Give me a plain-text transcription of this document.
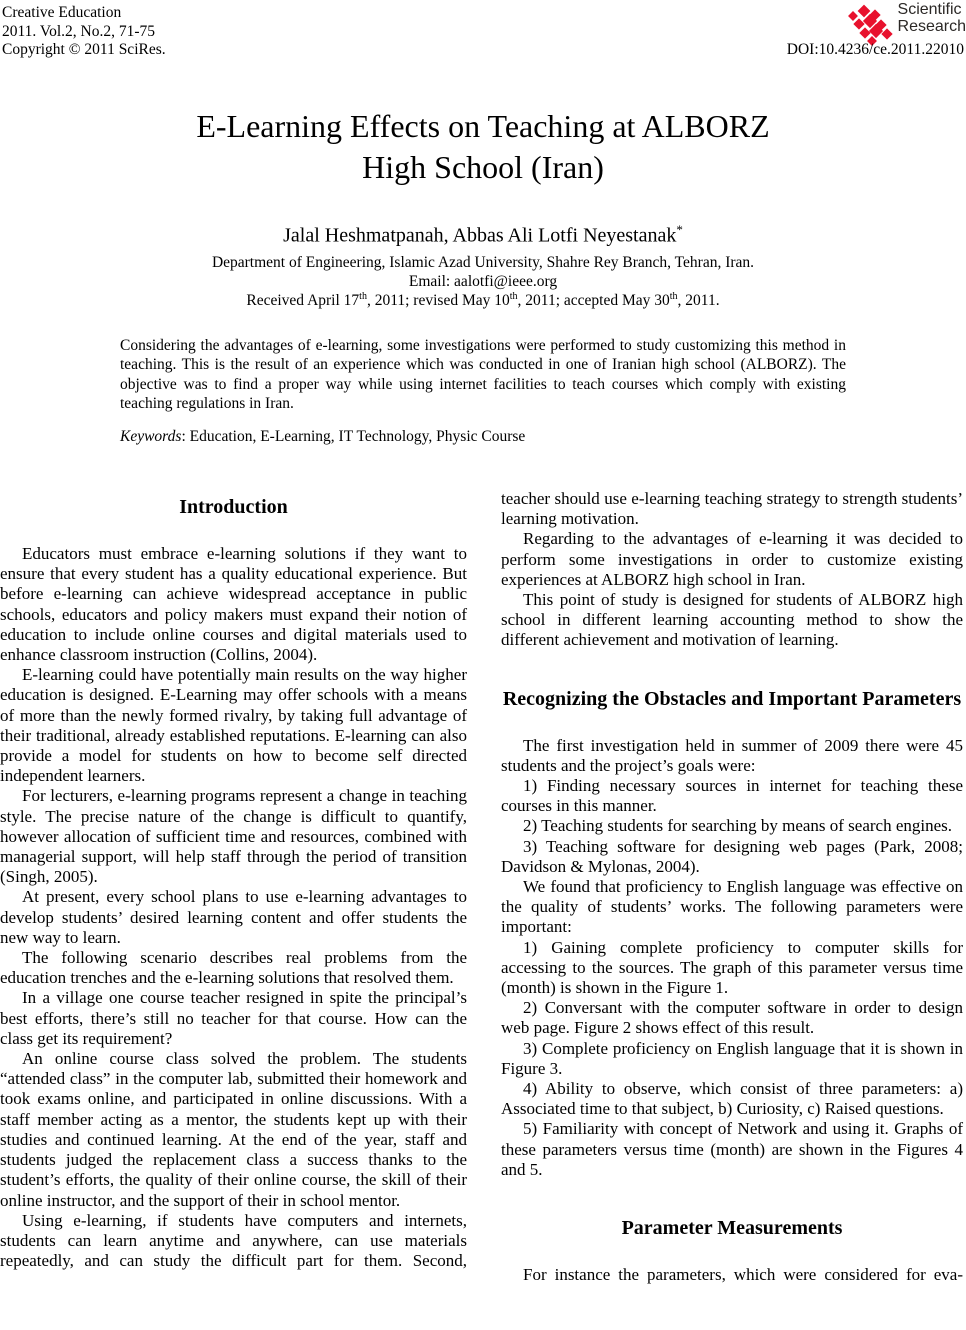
Creative Education
2011. Vol.2, No.2, 71-75
Copyright © 2011 SciRes.
Scientific
Research
DOI:10.4236/ce.2011.22010
E-Learning Effects on Teaching at ALBORZ
High School (Iran)
Jalal Heshmatpanah, Abbas Ali Lotfi Neyestanak*
Department of Engineering, Islamic Azad University, Shahre Rey Branch, Tehran, Iran.
Email: aalotfi@ieee.org
Received April 17th, 2011; revised May 10th, 2011; accepted May 30th, 2011.
Considering the advantages of e-learning, some investigations were performed to study customizing this method in teaching. This is the result of an experience which was conducted in one of Iranian high school (ALBORZ). The objective was to find a proper way while using internet facilities to teach courses which comply with existing teaching regulations in Iran.
Keywords: Education, E-Learning, IT Technology, Physic Course
Introduction

Educators must embrace e-learning solutions if they want to ensure that every student has a quality educational experience. But before e-learning can achieve widespread acceptance in public schools, educators and policy makers must expand their notion of education to include online courses and digital materials used to enhance classroom instruction (Collins, 2004).

E-learning could have potentially main results on the way higher education is designed. E-Learning may offer schools with a means of more than the newly formed rivalry, by taking full advantage of their traditional, already established reputations. E-learning can also provide a model for students on how to become self directed independent learners.

For lecturers, e-learning programs represent a change in teaching style. The precise nature of the change is difficult to quantify, however allocation of sufficient time and resources, combined with managerial support, will help staff through the period of transition (Singh, 2005).

At present, every school plans to use e-learning advantages to develop students’ desired learning content and offer students the new way to learn.

The following scenario describes real problems from the education trenches and the e-learning solutions that resolved them.

In a village one course teacher resigned in spite the principal’s best efforts, there’s still no teacher for that course. How can the class get its requirement?

An online course class solved the problem. The students “attended class” in the computer lab, submitted their homework and took exams online, and participated in online discussions. With a staff member acting as a mentor, the students kept up with their studies and continued learning. At the end of the year, staff and students judged the replacement class a success thanks to the student’s efforts, the quality of their online course, the skill of their online instructor, and the support of their in school mentor.

Using e-learning, if students have computers and internets, students can learn anytime and anywhere, can use materials repeatedly, and can study the difficult part for them. Second,

teacher should use e-learning teaching strategy to strength students’ learning motivation.

Regarding to the advantages of e-learning it was decided to perform some investigations in order to customize existing experiences at ALBORZ high school in Iran.

This point of study is designed for students of ALBORZ high school in different learning accounting method to show the different achievement and motivation of learning.

Recognizing the Obstacles and Important Parameters

The first investigation held in summer of 2009 there were 45 students and the project’s goals were:

1) Finding necessary sources in internet for teaching these courses in this manner.

2) Teaching students for searching by means of search engines.

3) Teaching software for designing web pages (Park, 2008; Davidson & Mylonas, 2004).

We found that proficiency to English language was effective on the quality of students’ works. The following parameters were important:

1) Gaining complete proficiency to computer skills for accessing to the sources. The graph of this parameter versus time (month) is shown in the Figure 1.

2) Conversant with the computer software in order to design web page. Figure 2 shows effect of this result.

3) Complete proficiency on English language that it is shown in Figure 3.

4) Ability to observe, which consist of three parameters: a) Associated time to that subject, b) Curiosity, c) Raised questions.

5) Familiarity with concept of Network and using it. Graphs of these parameters versus time (month) are shown in the Figures 4 and 5.

Parameter Measurements

For instance the parameters, which were considered for eva-
